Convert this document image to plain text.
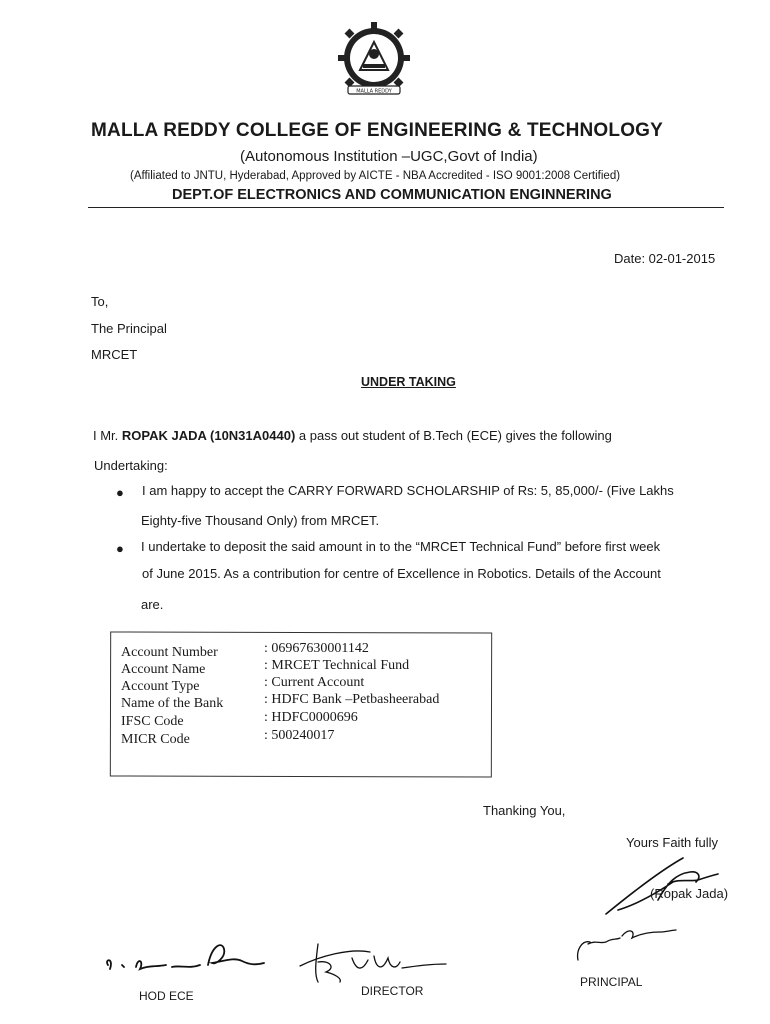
MALLA REDDY
MALLA REDDY COLLEGE OF ENGINEERING & TECHNOLOGY
(Autonomous Institution –UGC,Govt of India)
(Affiliated to JNTU, Hyderabad, Approved by AICTE - NBA Accredited - ISO 9001:2008 Certified)
DEPT.OF ELECTRONICS AND COMMUNICATION ENGINNERING
Date: 02-01-2015
To,
The Principal
MRCET
UNDER TAKING
I Mr. ROPAK JADA (10N31A0440) a pass out student of B.Tech (ECE) gives the following
Undertaking:
● I am happy to accept the CARRY FORWARD SCHOLARSHIP of Rs: 5, 85,000/- (Five Lakhs
Eighty-five Thousand Only) from MRCET.
● I undertake to deposit the said amount in to the “MRCET Technical Fund” before first week
of June 2015. As a contribution for centre of Excellence in Robotics. Details of the Account
are.
Account Number	: 06967630001142
Account Name	: MRCET Technical Fund
Account Type	: Current Account
Name of the Bank	: HDFC Bank –Petbasheerabad
IFSC Code	: HDFC0000696
MICR Code	: 500240017
Thanking You,
Yours Faith fully
(Ropak Jada)
HOD ECE	DIRECTOR
PRINCIPAL
